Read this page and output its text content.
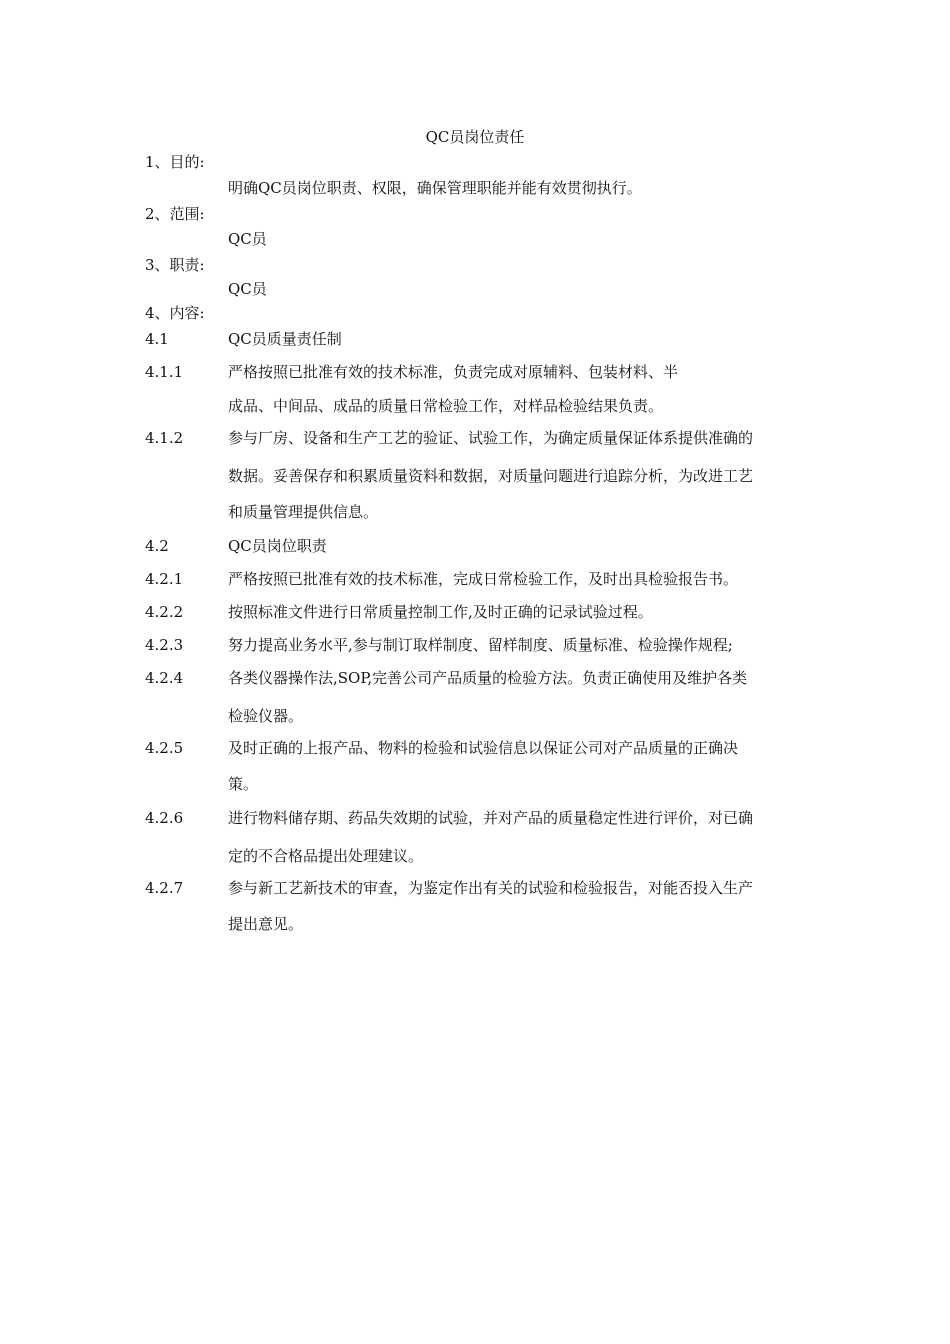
QC员岗位责任
1、目的:
明确QC员岗位职责、权限，确保管理职能并能有效贯彻执行。
2、范围:
QC员
3、职责:
QC员
4、内容:
4.1	QC员质量责任制
4.1.1	严格按照已批准有效的技术标准，负责完成对原辅料、包装材料、半
成品、中间品、成品的质量日常检验工作，对样品检验结果负责。
4.1.2	参与厂房、设备和生产工艺的验证、试验工作，为确定质量保证体系提供准确的
数据。妥善保存和积累质量资料和数据，对质量问题进行追踪分析，为改进工艺
和质量管理提供信息。
4.2	QC员岗位职责
4.2.1	严格按照已批准有效的技术标准，完成日常检验工作，及时出具检验报告书。
4.2.2	按照标准文件进行日常质量控制工作,及时正确的记录试验过程。
4.2.3	努力提高业务水平,参与制订取样制度、留样制度、质量标准、检验操作规程;
4.2.4	各类仪器操作法,SOP,完善公司产品质量的检验方法。负责正确使用及维护各类
检验仪器。
4.2.5	及时正确的上报产品、物料的检验和试验信息以保证公司对产品质量的正确决
策。
4.2.6	进行物料储存期、药品失效期的试验，并对产品的质量稳定性进行评价，对已确
定的不合格品提出处理建议。
4.2.7	参与新工艺新技术的审查，为鉴定作出有关的试验和检验报告，对能否投入生产
提出意见。
